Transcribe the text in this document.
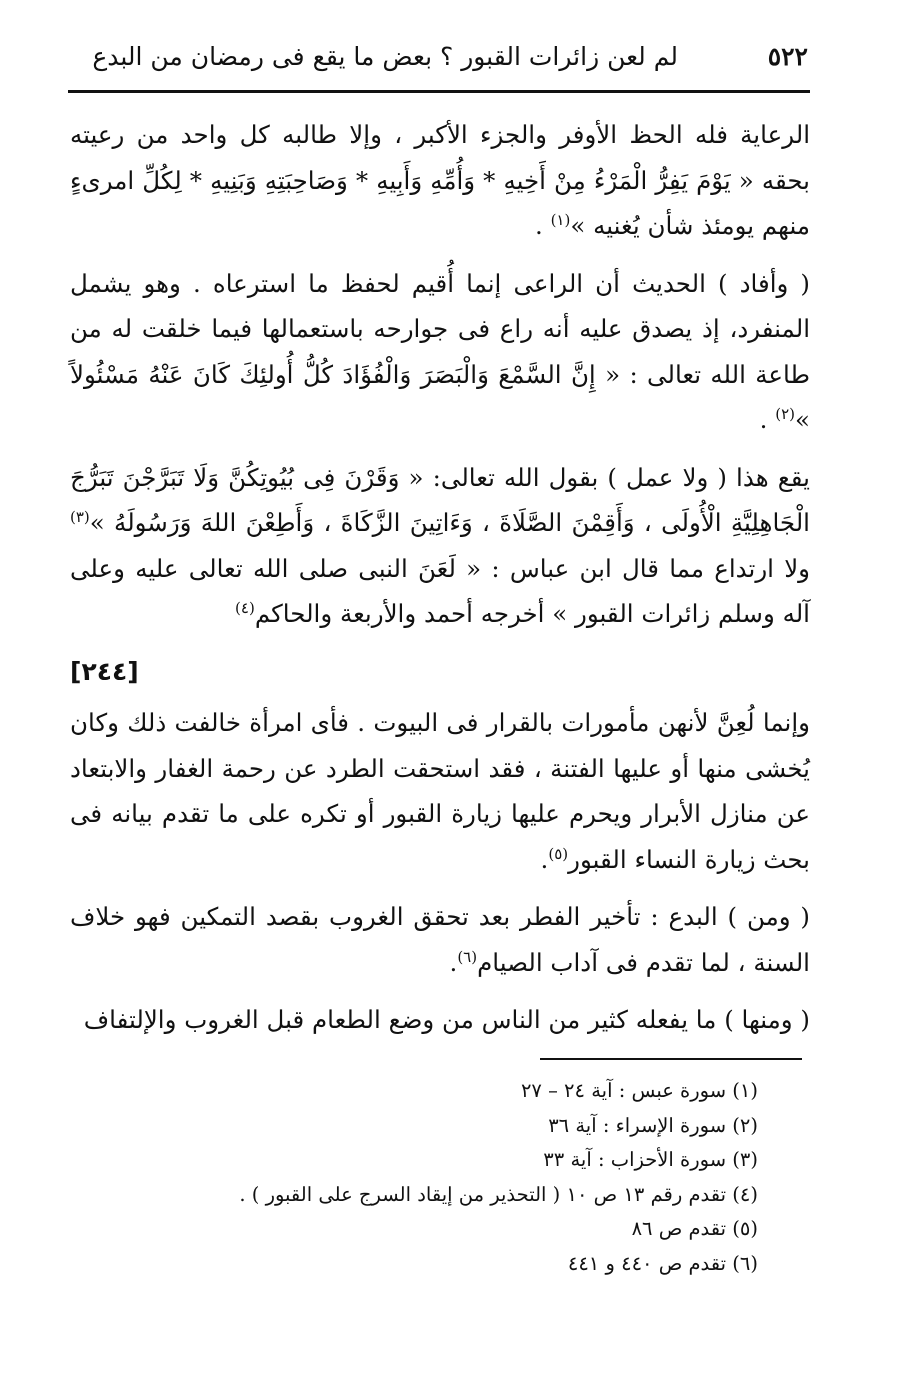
٥٢٢
لم لعن زائرات القبور ؟ بعض ما يقع فى رمضان من البدع

الرعاية فله الحظ الأوفر والجزء الأكبر ، وإلا طالبه كل واحد من رعيته بحقه « يَوْمَ يَفِرُّ الْمَرْءُ مِنْ أَخِيهِ * وَأُمِّهِ وَأَبِيهِ * وَصَاحِبَتِهِ وَبَنِيهِ * لِكُلِّ امرىءٍ منهم يومئذ شأن يُغنيه »$^{(١)}$ .

( وأفاد ) الحديث أن الراعى إنما أُقيم لحفظ ما استرعاه . وهو يشمل المنفرد، إذ يصدق عليه أنه راع فى جوارحه باستعمالها فيما خلقت له من طاعة الله تعالى : « إِنَّ السَّمْعَ وَالْبَصَرَ وَالْفُؤَادَ كُلُّ أُولئِكَ كَانَ عَنْهُ مَسْئُولاً »$^{(٢)}$ .

يقع هذا ( ولا عمل ) بقول الله تعالى: « وَقَرْنَ فِى بُيُوتِكُنَّ وَلَا تَبَرَّجْنَ تَبَرُّجَ الْجَاهِلِيَّةِ الْأُولَى ، وَأَقِمْنَ الصَّلَاةَ ، وَءَاتِينَ الزَّكَاةَ ، وَأَطِعْنَ اللهَ وَرَسُولَهُ »$^{(٣)}$ ولا ارتداع مما قال ابن عباس : « لَعَنَ النبى صلى الله تعالى عليه وعلى آله وسلم زائرات القبور » أخرجه أحمد والأربعة والحاكم$^{(٤)}$

[٢٤٤]

وإنما لُعِنَّ لأنهن مأمورات بالقرار فى البيوت . فأى امرأة خالفت ذلك وكان يُخشى منها أو عليها الفتنة ، فقد استحقت الطرد عن رحمة الغفار والابتعاد عن منازل الأبرار ويحرم عليها زيارة القبور أو تكره على ما تقدم بيانه فى بحث زيارة النساء القبور$^{(٥)}$.

( ومن ) البدع : تأخير الفطر بعد تحقق الغروب بقصد التمكين فهو خلاف السنة ، لما تقدم فى آداب الصيام$^{(٦)}$.

( ومنها ) ما يفعله كثير من الناس من وضع الطعام قبل الغروب والإلتفاف

(١) سورة عبس : آية ٢٤ – ٢٧
(٢) سورة الإسراء : آية ٣٦
(٣) سورة الأحزاب : آية ٣٣
(٤) تقدم رقم ١٣ ص ١٠ ( التحذير من إيقاد السرج على القبور ) .
(٥) تقدم ص ٨٦
(٦) تقدم ص ٤٤٠ و ٤٤١
